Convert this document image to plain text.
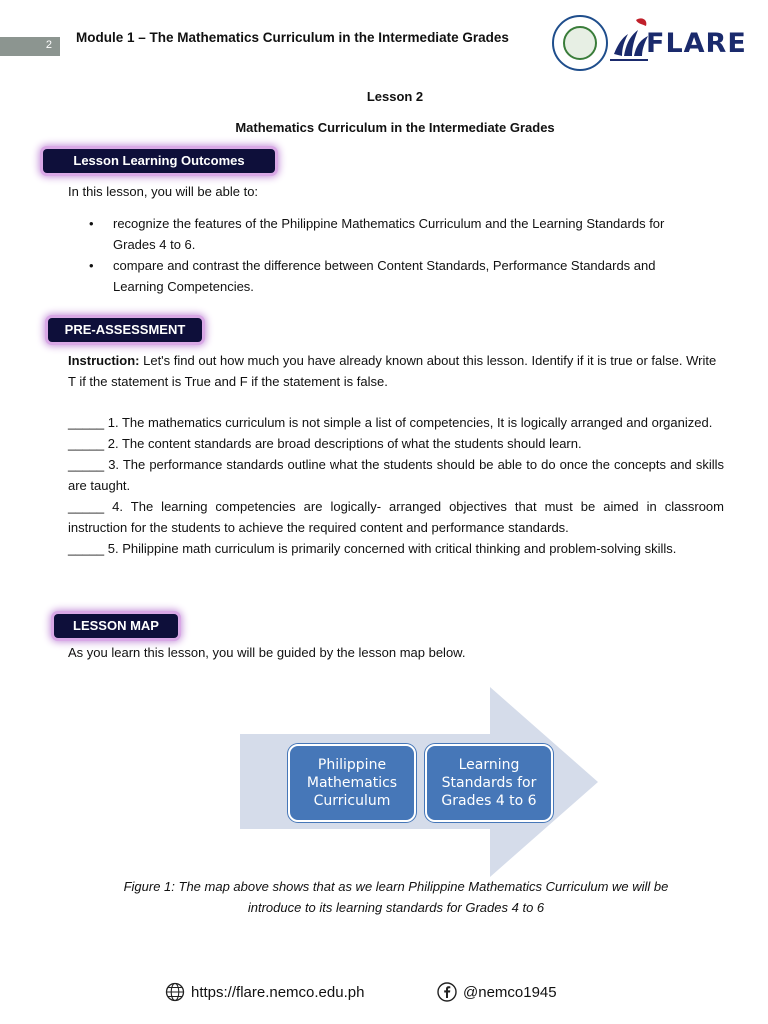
2 Module 1 – The Mathematics Curriculum in the Intermediate Grades	FLARE
Lesson 2
Mathematics Curriculum in the Intermediate Grades
Lesson Learning Outcomes
In this lesson, you will be able to:
• recognize the features of the Philippine Mathematics Curriculum and the Learning Standards for Grades 4 to 6.
• compare and contrast the difference between Content Standards, Performance Standards and Learning Competencies.
PRE-ASSESSMENT
Instruction: Let's find out how much you have already known about this lesson. Identify if it is true or false. Write T if the statement is True and F if the statement is false.
_____ 1. The mathematics curriculum is not simple a list of competencies, It is logically arranged and organized.
_____ 2. The content standards are broad descriptions of what the students should learn.
_____ 3. The performance standards outline what the students should be able to do once the concepts and skills are taught.
_____ 4. The learning competencies are logically- arranged objectives that must be aimed in classroom instruction for the students to achieve the required content and performance standards.
_____ 5. Philippine math curriculum is primarily concerned with critical thinking and problem-solving skills.
LESSON MAP
As you learn this lesson, you will be guided by the lesson map below.
Philippine Mathematics Curriculum
Learning Standards for Grades 4 to 6
Figure 1: The map above shows that as we learn Philippine Mathematics Curriculum we will be introduce to its learning standards for Grades 4 to 6
https://flare.nemco.edu.ph	@nemco1945
